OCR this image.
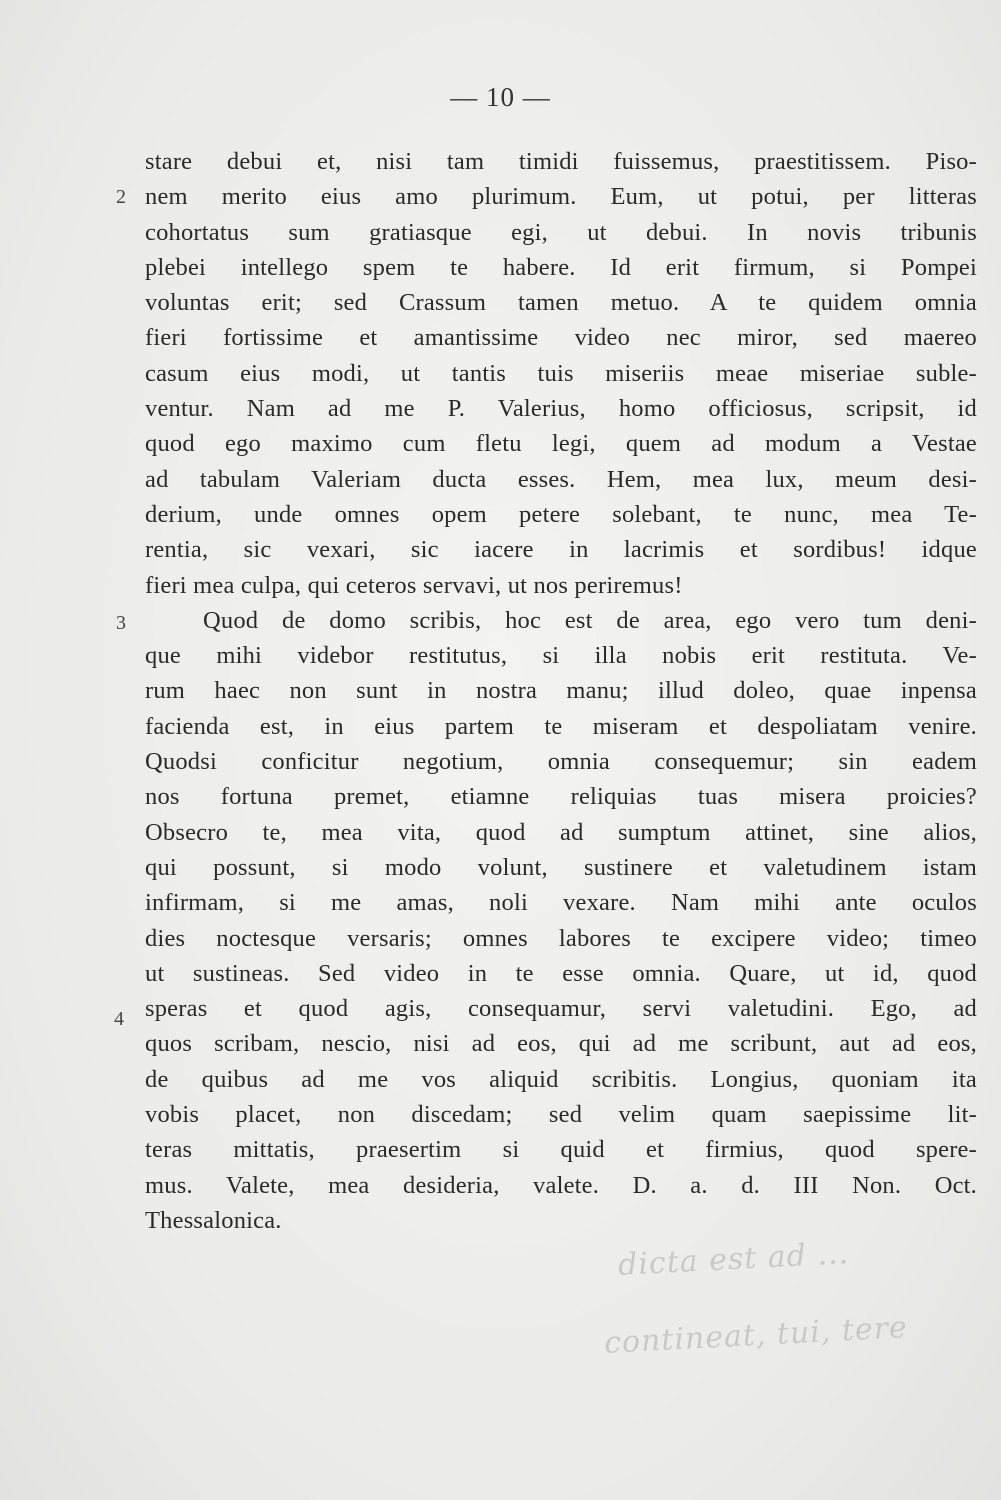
— 10 —
2
3
4
stare debui et, nisi tam timidi fuissemus, praestitissem. Piso-
nem merito eius amo plurimum. Eum, ut potui, per litteras
cohortatus sum gratiasque egi, ut debui. In novis tribunis
plebei intellego spem te habere. Id erit firmum, si Pompei
voluntas erit; sed Crassum tamen metuo. A te quidem omnia
fieri fortissime et amantissime video nec miror, sed maereo
casum eius modi, ut tantis tuis miseriis meae miseriae suble-
ventur. Nam ad me P. Valerius, homo officiosus, scripsit, id
quod ego maximo cum fletu legi, quem ad modum a Vestae
ad tabulam Valeriam ducta esses. Hem, mea lux, meum desi-
derium, unde omnes opem petere solebant, te nunc, mea Te-
rentia, sic vexari, sic iacere in lacrimis et sordibus! idque
fieri mea culpa, qui ceteros servavi, ut nos periremus!
Quod de domo scribis, hoc est de area, ego vero tum deni-
que mihi videbor restitutus, si illa nobis erit restituta. Ve-
rum haec non sunt in nostra manu; illud doleo, quae inpensa
facienda est, in eius partem te miseram et despoliatam venire.
Quodsi conficitur negotium, omnia consequemur; sin eadem
nos fortuna premet, etiamne reliquias tuas misera proicies?
Obsecro te, mea vita, quod ad sumptum attinet, sine alios,
qui possunt, si modo volunt, sustinere et valetudinem istam
infirmam, si me amas, noli vexare. Nam mihi ante oculos
dies noctesque versaris; omnes labores te excipere video; timeo
ut sustineas. Sed video in te esse omnia. Quare, ut id, quod
speras et quod agis, consequamur, servi valetudini. Ego, ad
quos scribam, nescio, nisi ad eos, qui ad me scribunt, aut ad eos,
de quibus ad me vos aliquid scribitis. Longius, quoniam ita
vobis placet, non discedam; sed velim quam saepissime lit-
teras mittatis, praesertim si quid et firmius, quod spere-
mus. Valete, mea desideria, valete. D. a. d. III Non. Oct.
Thessalonica.
dicta est ad ...
contineat, tui, tere
